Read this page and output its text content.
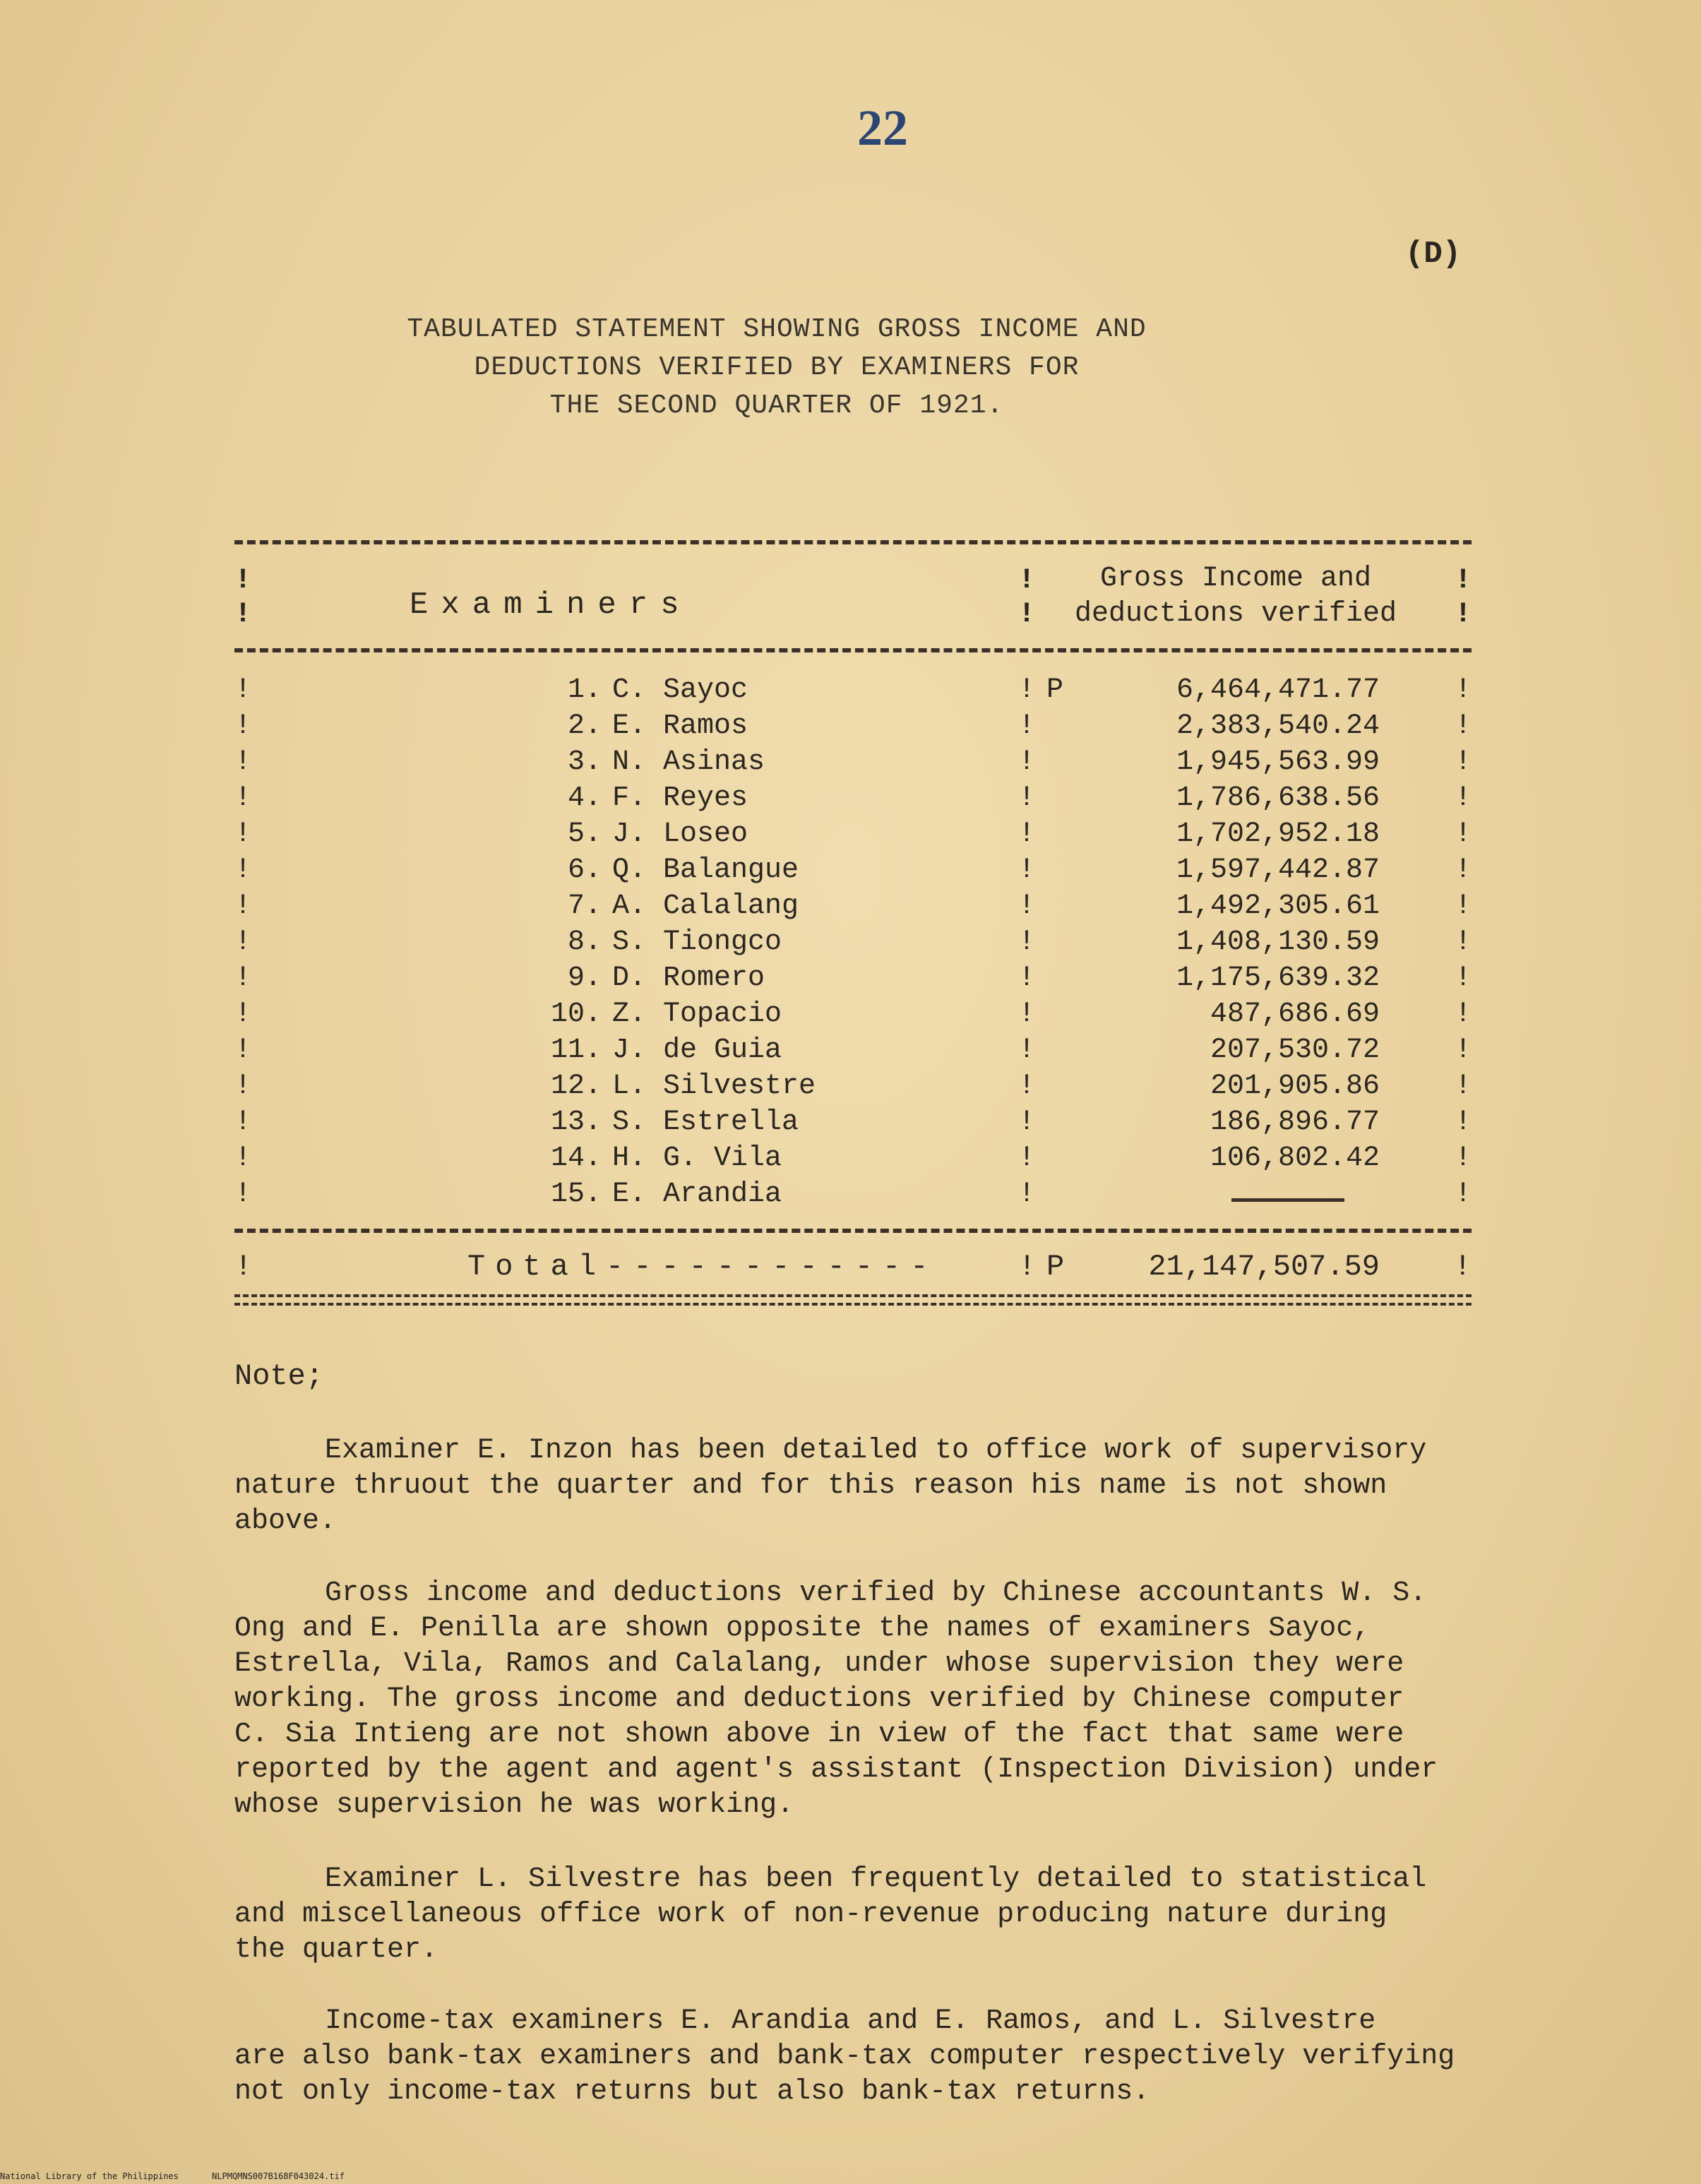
22
(D)
TABULATED STATEMENT SHOWING GROSS INCOME AND
DEDUCTIONS VERIFIED BY EXAMINERS FOR
THE SECOND QUARTER OF 1921.
!
!
!
!
!
!
Examiners
Gross Income and
deductions verified
!	1. C. Sayoc	! P	6,464,471.77	!
!	2. E. Ramos	!	2,383,540.24	!
!	3. N. Asinas	!	1,945,563.99	!
!	4. F. Reyes	!	1,786,638.56	!
!	5. J. Loseo	!	1,702,952.18	!
!	6. Q. Balangue	!	1,597,442.87	!
!	7. A. Calalang	!	1,492,305.61	!
!	8. S. Tiongco	!	1,408,130.59	!
!	9. D. Romero	!	1,175,639.32	!
!	10. Z. Topacio	!	487,686.69	!
!	11. J. de Guia	!	207,530.72	!
!	12. L. Silvestre	!	201,905.86	!
!	13. S. Estrella	!	186,896.77	!
!	14. H. G. Vila	!	106,802.42	!
!	15. E. Arandia	!	!
!	Total------------	! P	21,147,507.59 !
Note;
Examiner E. Inzon has been detailed to office work of supervisory
nature thruout the quarter and for this reason his name is not shown
above.
Gross income and deductions verified by Chinese accountants W. S.
Ong and E. Penilla are shown opposite the names of examiners Sayoc,
Estrella, Vila, Ramos and Calalang, under whose supervision they were
working. The gross income and deductions verified by Chinese computer
C. Sia Intieng are not shown above in view of the fact that same were
reported by the agent and agent's assistant (Inspection Division) under
whose supervision he was working.
Examiner L. Silvestre has been frequently detailed to statistical
and miscellaneous office work of non-revenue producing nature during
the quarter.
Income-tax examiners E. Arandia and E. Ramos, and L. Silvestre
are also bank-tax examiners and bank-tax computer respectively verifying
not only income-tax returns but also bank-tax returns.
National Library of the Philippines	NLPMQMNS007B168F043024.tif
